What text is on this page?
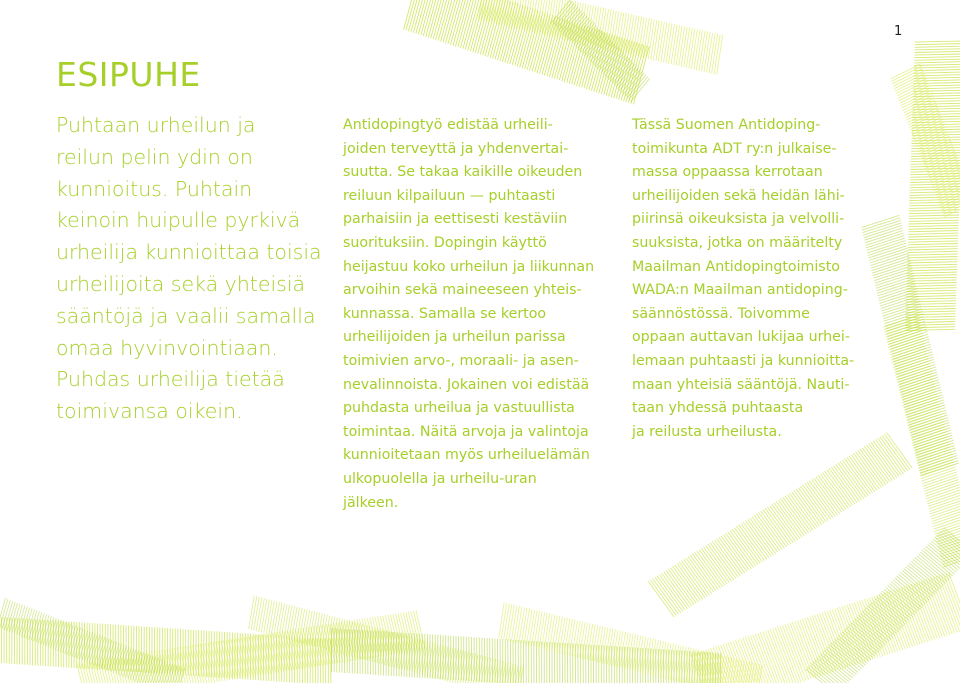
1
ESIPUHE

Puhtaan urheilun ja

reilun pelin ydin on

kunnioitus. Puhtain

keinoin huipulle pyrkivä

urheilija kunnioittaa toisia

urheilijoita sekä yhteisiä

sääntöjä ja vaalii samalla

omaa hyvinvointiaan.

Puhdas urheilija tietää

toimivansa oikein.

Antidopingtyö edistää urheili-

joiden terveyttä ja yhdenvertai-

suutta. Se takaa kaikille oikeuden

reiluun kilpailuun — puhtaasti

parhaisiin ja eettisesti kestäviin

suorituksiin. Dopingin käyttö

heijastuu koko urheilun ja liikunnan

arvoihin sekä maineeseen yhteis-

kunnassa. Samalla se kertoo

urheilijoiden ja urheilun parissa

toimivien arvo-, moraali- ja asen-

nevalinnoista. Jokainen voi edistää

puhdasta urheilua ja vastuullista

toimintaa. Näitä arvoja ja valintoja

kunnioitetaan myös urheiluelämän

ulkopuolella ja urheilu-uran

jälkeen.

Tässä Suomen Antidoping-

toimikunta ADT ry:n julkaise-

massa oppaassa kerrotaan

urheilijoiden sekä heidän lähi-

piirinsä oikeuksista ja velvolli-

suuksista, jotka on määritelty

Maailman Antidopingtoimisto

WADA:n Maailman antidoping-

säännöstössä. Toivomme

oppaan auttavan lukijaa urhei-

lemaan puhtaasti ja kunnioitta-

maan yhteisiä sääntöjä. Nauti-

taan yhdessä puhtaasta

ja reilusta urheilusta.
